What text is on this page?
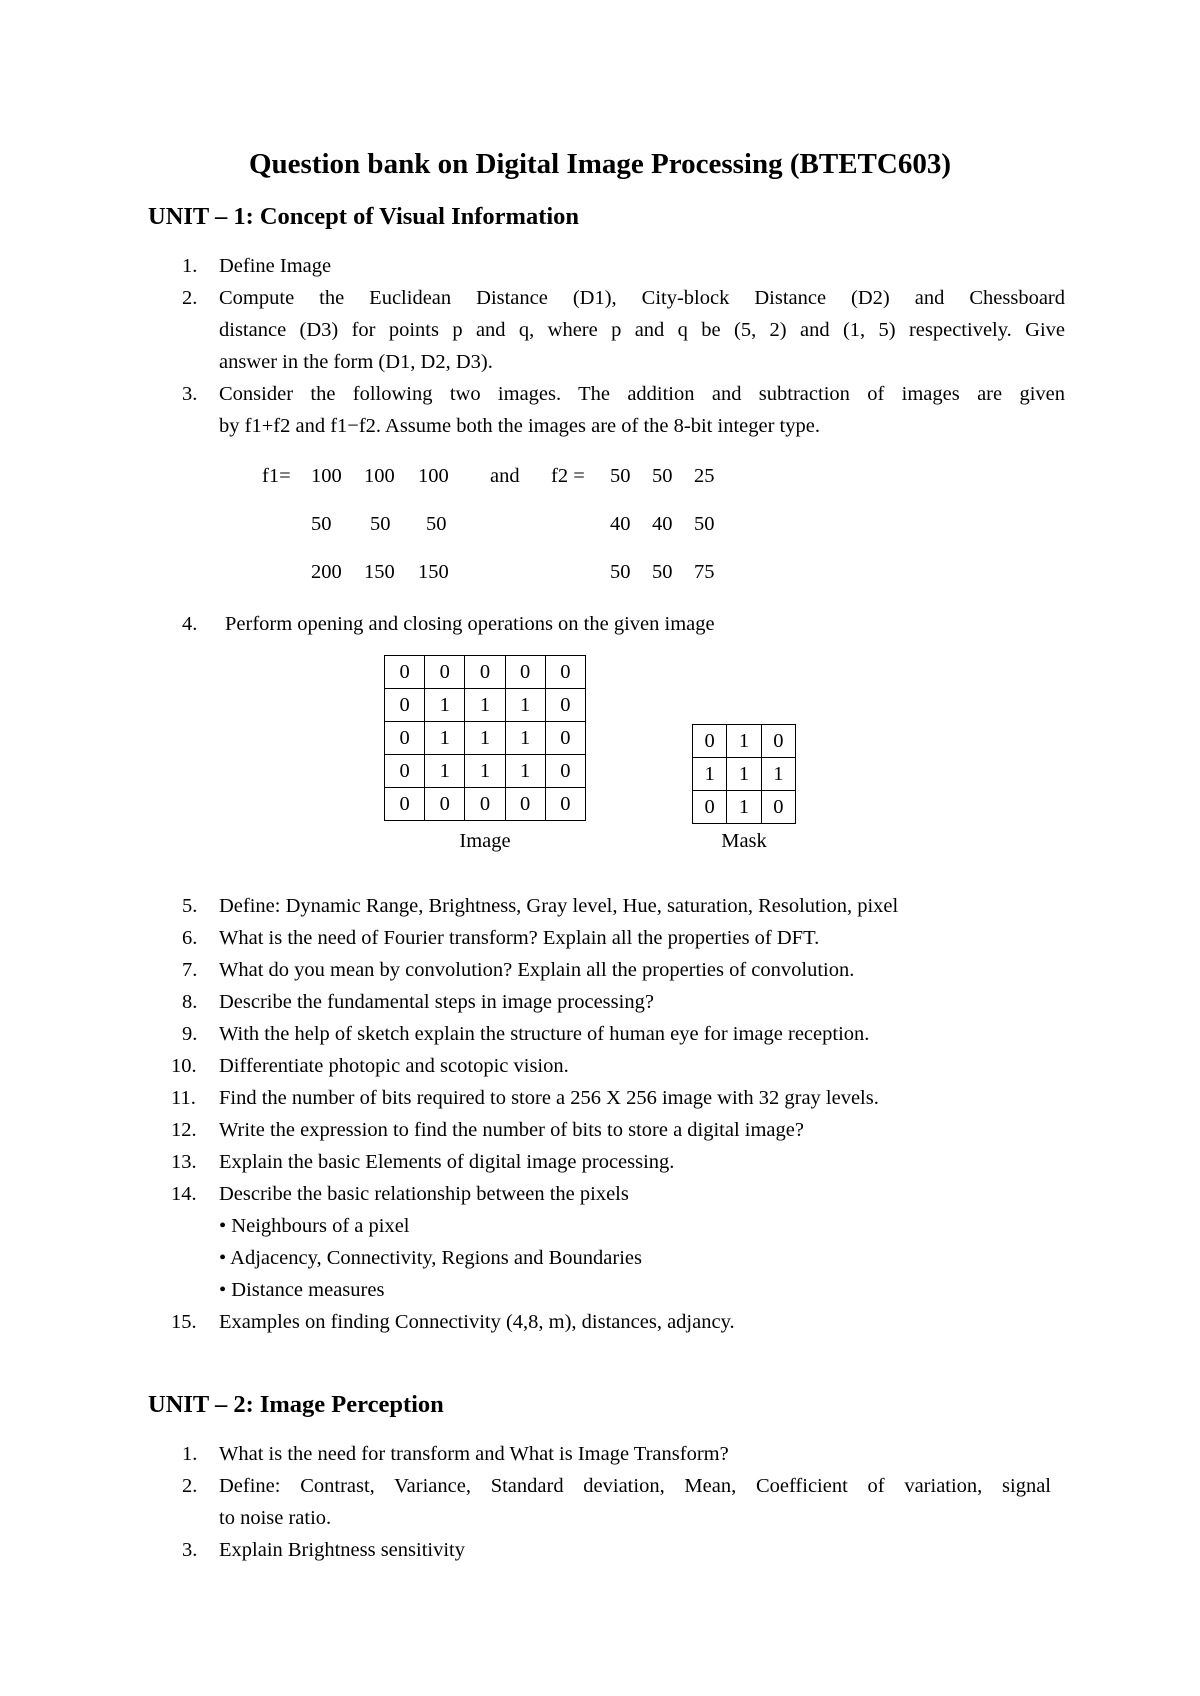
Question bank on Digital Image Processing (BTETC603)
UNIT – 1: Concept of Visual Information
1. Define Image
2. Compute the Euclidean Distance (D1), City-block Distance (D2) and Chessboard
distance (D3) for points p and q, where p and q be (5, 2) and (1, 5) respectively. Give
answer in the form (D1, D2, D3).
3. Consider the following two images. The addition and subtraction of images are given
by f1+f2 and f1−f2. Assume both the images are of the 8-bit integer type.
f1=	and f2 =
100 100 100
50 50 50
200 150 150
50 50 25
40 40 50
50 50 75
4. Perform opening and closing operations on the given image
0	0	0	0	0
0	1	1	1	0
0	1	1	1	0
0	1	1	1	0
0	0	0	0	0
Image
0	1	0
1	1	1
0	1	0
Mask
5. Define: Dynamic Range, Brightness, Gray level, Hue, saturation, Resolution, pixel
6. What is the need of Fourier transform? Explain all the properties of DFT.
7. What do you mean by convolution? Explain all the properties of convolution.
8. Describe the fundamental steps in image processing?
9. With the help of sketch explain the structure of human eye for image reception.
10. Differentiate photopic and scotopic vision.
11. Find the number of bits required to store a 256 X 256 image with 32 gray levels.
12. Write the expression to find the number of bits to store a digital image?
13. Explain the basic Elements of digital image processing.
14. Describe the basic relationship between the pixels
• Neighbours of a pixel
• Adjacency, Connectivity, Regions and Boundaries
• Distance measures
15. Examples on finding Connectivity (4,8, m), distances, adjancy.
UNIT – 2: Image Perception
1. What is the need for transform and What is Image Transform?
2. Define: Contrast, Variance, Standard deviation, Mean, Coefficient of variation, signal
to noise ratio.
3. Explain Brightness sensitivity
